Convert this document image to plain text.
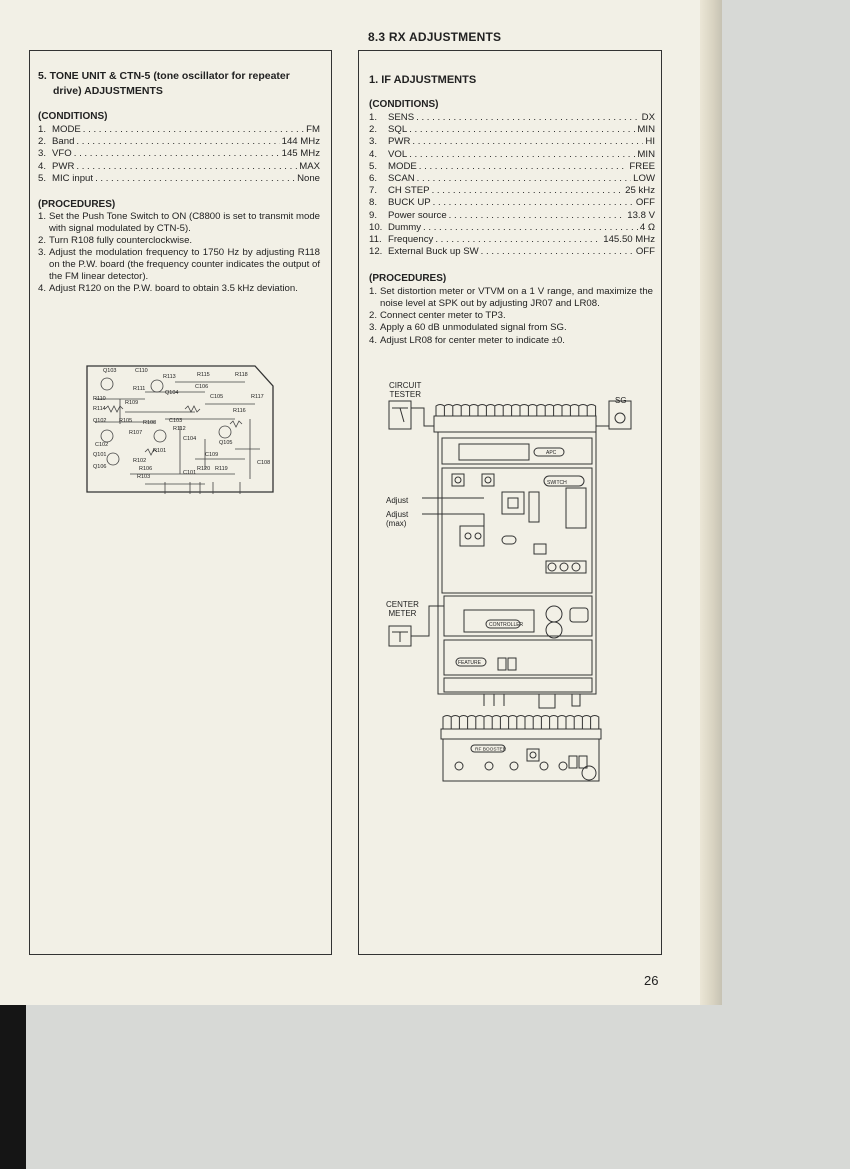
8.3 RX ADJUSTMENTS
5. TONE UNIT & CTN-5 (tone oscillator for repeater
drive) ADJUSTMENTS
(CONDITIONS)
1. MODE . . .	FM
2. Band . . .	144 MHz
3. VFO . . .	145 MHz
4. PWR . . .	MAX
5. MIC input . . .	None
(PROCEDURES)
1. Set the Push Tone Switch to ON (C8800 is set to transmit mode with signal modulated by CTN-5).
2. Turn R108 fully counterclockwise.
3. Adjust the modulation frequency to 1750 Hz by adjusting R118 on the P.W. board (the frequency counter indicates the output of the FM linear detector).
4. Adjust R120 on the P.W. board to obtain 3.5 kHz deviation.
Q103	C110
R113	R115	R118
C106
Q104
R111
R110
R109
R114
C105	R117
Q102 R105 R108 C103
R112
R116
R107
C104
Q105
R101
C102
C109
Q101
R102	C108
R106
Q106	R120 R119
C101
R103
1. IF ADJUSTMENTS
(CONDITIONS)
1.	SENS . . .	DX
2.	SQL . . .	MIN
3.	PWR . . .	HI
4.	VOL . . .	MIN
5.	MODE . . .	FREE
6.	SCAN . . .	LOW
7.	CH STEP . . .	25 kHz
8.	BUCK UP . . .	OFF
9.	Power source . . .	13.8 V
10. Dummy . . .	4 Ω
11. Frequency . . .	145.50 MHz
12. External Buck up SW . . .	OFF
(PROCEDURES)
1. Set distortion meter or VTVM on a 1 V range, and maximize the noise level at SPK out by adjusting JR07 and LR08.
2. Connect center meter to TP3.
3. Apply a 60 dB unmodulated signal from SG.
4. Adjust LR08 for center meter to indicate ±0.
CIRCUIT
TESTER
SG
Adjust
Adjust
(max)
CENTER
METER
APC
SWITCH
CONTROLLER
FEATURE
RF BOOSTER
26
